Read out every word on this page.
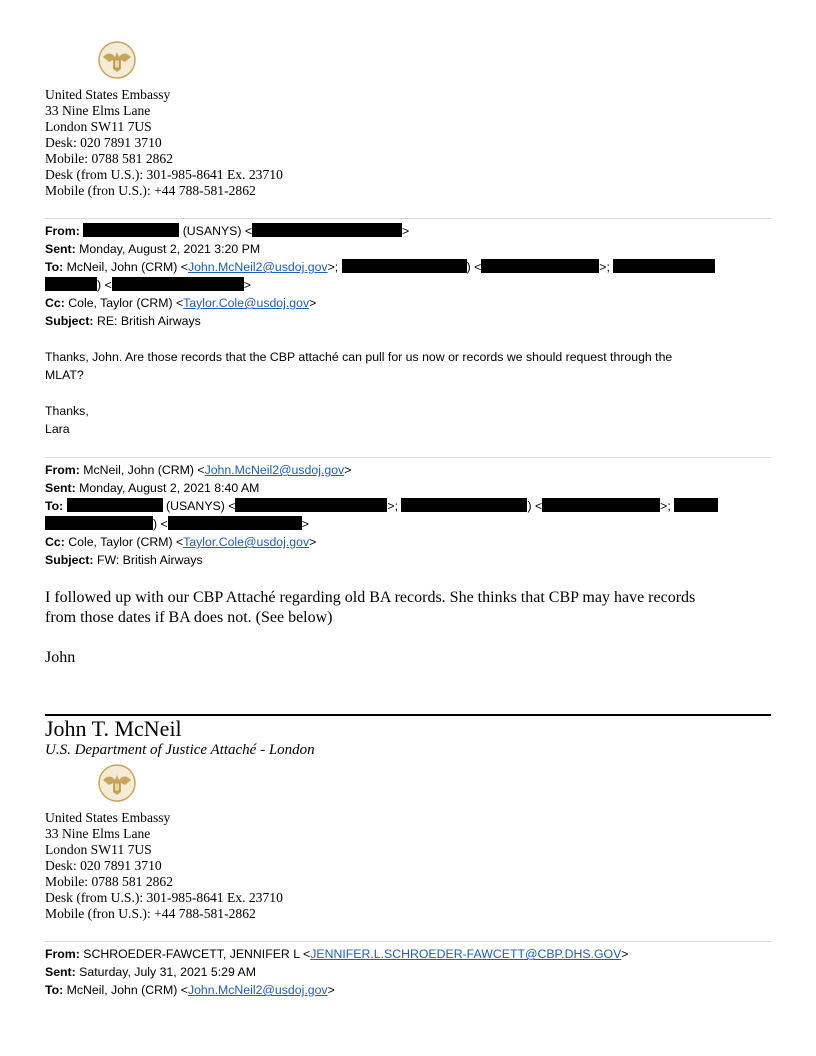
United States Embassy
33 Nine Elms Lane
London SW11 7US
Desk: 020 7891 3710
Mobile: 0788 581 2862
Desk (from U.S.): 301-985-8641 Ex. 23710
Mobile (fron U.S.): +44 788-581-2862
From:	(USANYS) <	>
Sent: Monday, August 2, 2021 3:20 PM
To: McNeil, John (CRM) <John.McNeil2@usdoj.gov>;	) <	>;
) <	>
Cc: Cole, Taylor (CRM) <Taylor.Cole@usdoj.gov>
Subject: RE: British Airways
Thanks, John. Are those records that the CBP attaché can pull for us now or records we should request through the
MLAT?
Thanks,
Lara
From: McNeil, John (CRM) <John.McNeil2@usdoj.gov>
Sent: Monday, August 2, 2021 8:40 AM
To:	(USANYS) <	>;	) <	>;
) <	>
Cc: Cole, Taylor (CRM) <Taylor.Cole@usdoj.gov>
Subject: FW: British Airways
I followed up with our CBP Attaché regarding old BA records. She thinks that CBP may have records
from those dates if BA does not. (See below)
John
John T. McNeil
U.S. Department of Justice Attaché - London
United States Embassy
33 Nine Elms Lane
London SW11 7US
Desk: 020 7891 3710
Mobile: 0788 581 2862
Desk (from U.S.): 301-985-8641 Ex. 23710
Mobile (fron U.S.): +44 788-581-2862
From: SCHROEDER-FAWCETT, JENNIFER L <JENNIFER.L.SCHROEDER-FAWCETT@CBP.DHS.GOV>
Sent: Saturday, July 31, 2021 5:29 AM
To: McNeil, John (CRM) <John.McNeil2@usdoj.gov>
